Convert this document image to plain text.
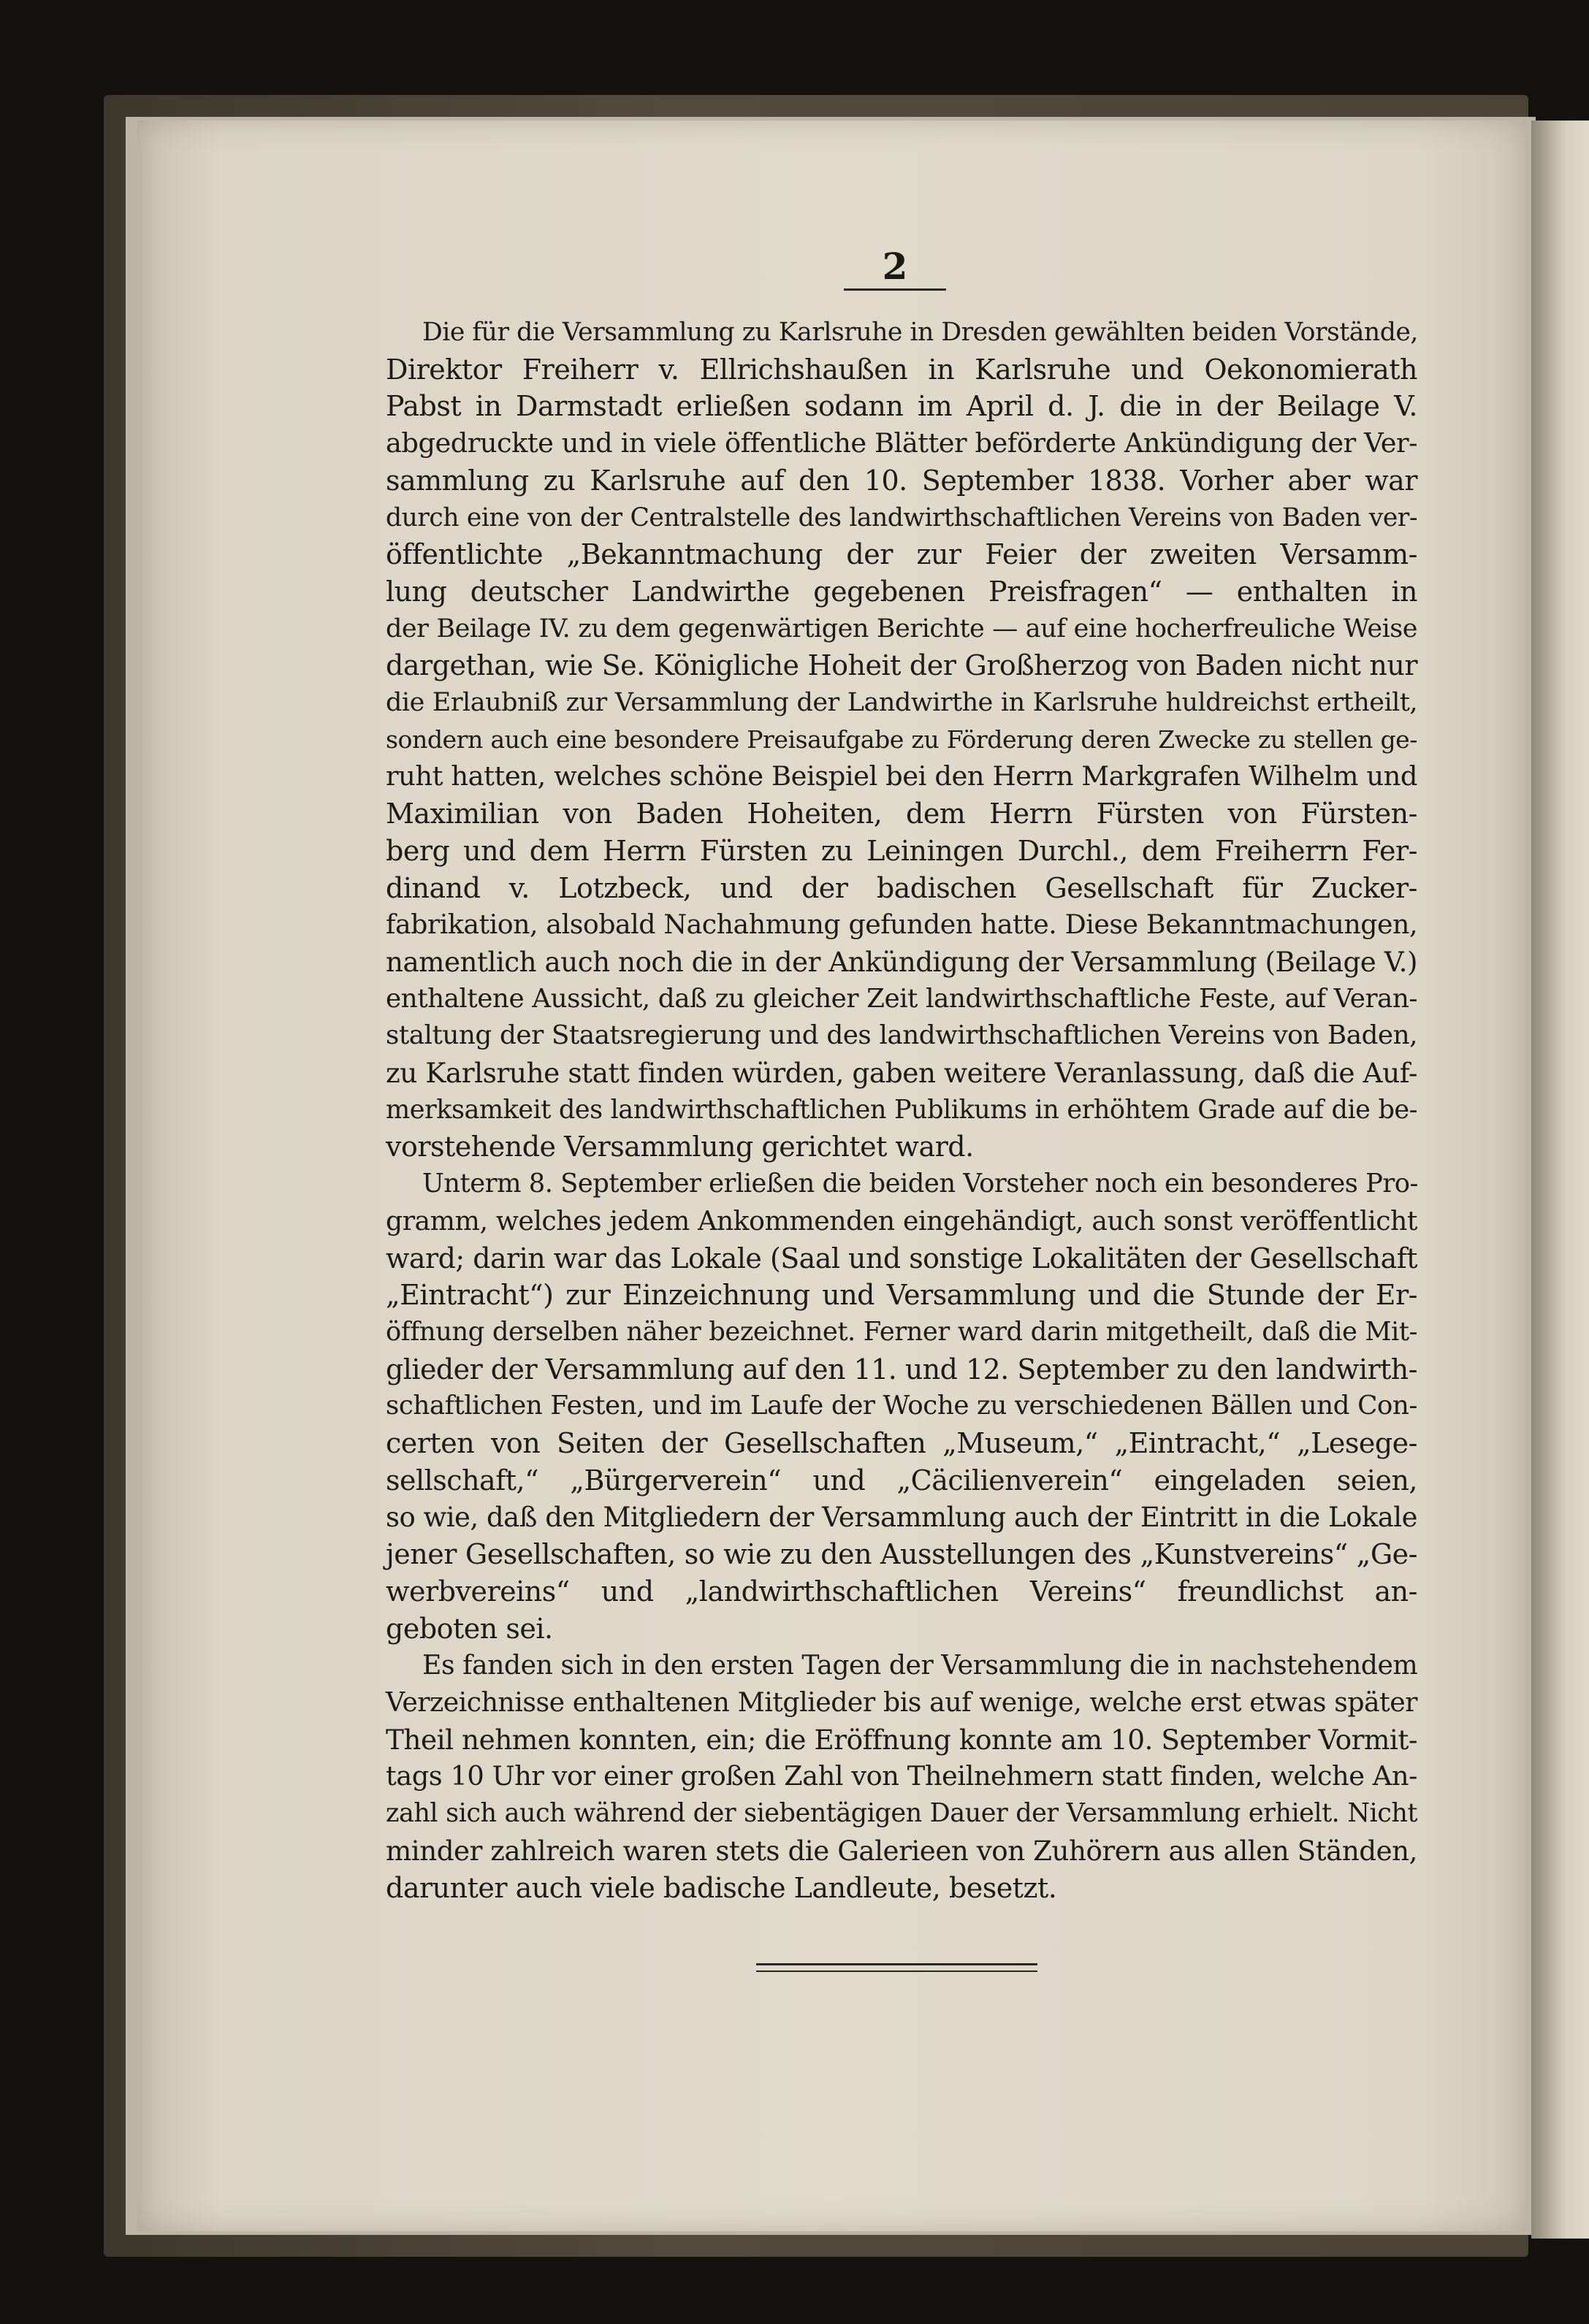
2

Die für die Versammlung zu Karlsruhe in Dresden gewählten beiden Vorstände,
Direktor Freiherr v. Ellrichshaußen in Karlsruhe und Oekonomierath
Pabst in Darmstadt erließen sodann im April d. J. die in der Beilage V.
abgedruckte und in viele öffentliche Blätter beförderte Ankündigung der Ver-
sammlung zu Karlsruhe auf den 10. September 1838. Vorher aber war
durch eine von der Centralstelle des landwirthschaftlichen Vereins von Baden ver-
öffentlichte „Bekanntmachung der zur Feier der zweiten Versamm-
lung deutscher Landwirthe gegebenen Preisfragen“ — enthalten in
der Beilage IV. zu dem gegenwärtigen Berichte — auf eine hocherfreuliche Weise
dargethan, wie Se. Königliche Hoheit der Großherzog von Baden nicht nur
die Erlaubniß zur Versammlung der Landwirthe in Karlsruhe huldreichst ertheilt,
sondern auch eine besondere Preisaufgabe zu Förderung deren Zwecke zu stellen ge-
ruht hatten, welches schöne Beispiel bei den Herrn Markgrafen Wilhelm und
Maximilian von Baden Hoheiten, dem Herrn Fürsten von Fürsten-
berg und dem Herrn Fürsten zu Leiningen Durchl., dem Freiherrn Fer-
dinand v. Lotzbeck, und der badischen Gesellschaft für Zucker-
fabrikation, alsobald Nachahmung gefunden hatte. Diese Bekanntmachungen,
namentlich auch noch die in der Ankündigung der Versammlung (Beilage V.)
enthaltene Aussicht, daß zu gleicher Zeit landwirthschaftliche Feste, auf Veran-
staltung der Staatsregierung und des landwirthschaftlichen Vereins von Baden,
zu Karlsruhe statt finden würden, gaben weitere Veranlassung, daß die Auf-
merksamkeit des landwirthschaftlichen Publikums in erhöhtem Grade auf die be-
vorstehende Versammlung gerichtet ward.

Unterm 8. September erließen die beiden Vorsteher noch ein besonderes Pro-
gramm, welches jedem Ankommenden eingehändigt, auch sonst veröffentlicht
ward; darin war das Lokale (Saal und sonstige Lokalitäten der Gesellschaft
„Eintracht“) zur Einzeichnung und Versammlung und die Stunde der Er-
öffnung derselben näher bezeichnet. Ferner ward darin mitgetheilt, daß die Mit-
glieder der Versammlung auf den 11. und 12. September zu den landwirth-
schaftlichen Festen, und im Laufe der Woche zu verschiedenen Bällen und Con-
certen von Seiten der Gesellschaften „Museum,“ „Eintracht,“ „Lesege-
sellschaft,“ „Bürgerverein“ und „Cäcilienverein“ eingeladen seien,
so wie, daß den Mitgliedern der Versammlung auch der Eintritt in die Lokale
jener Gesellschaften, so wie zu den Ausstellungen des „Kunstvereins“ „Ge-
werbvereins“ und „landwirthschaftlichen Vereins“ freundlichst an-
geboten sei.

Es fanden sich in den ersten Tagen der Versammlung die in nachstehendem
Verzeichnisse enthaltenen Mitglieder bis auf wenige, welche erst etwas später
Theil nehmen konnten, ein; die Eröffnung konnte am 10. September Vormit-
tags 10 Uhr vor einer großen Zahl von Theilnehmern statt finden, welche An-
zahl sich auch während der siebentägigen Dauer der Versammlung erhielt. Nicht
minder zahlreich waren stets die Galerieen von Zuhörern aus allen Ständen,
darunter auch viele badische Landleute, besetzt.
